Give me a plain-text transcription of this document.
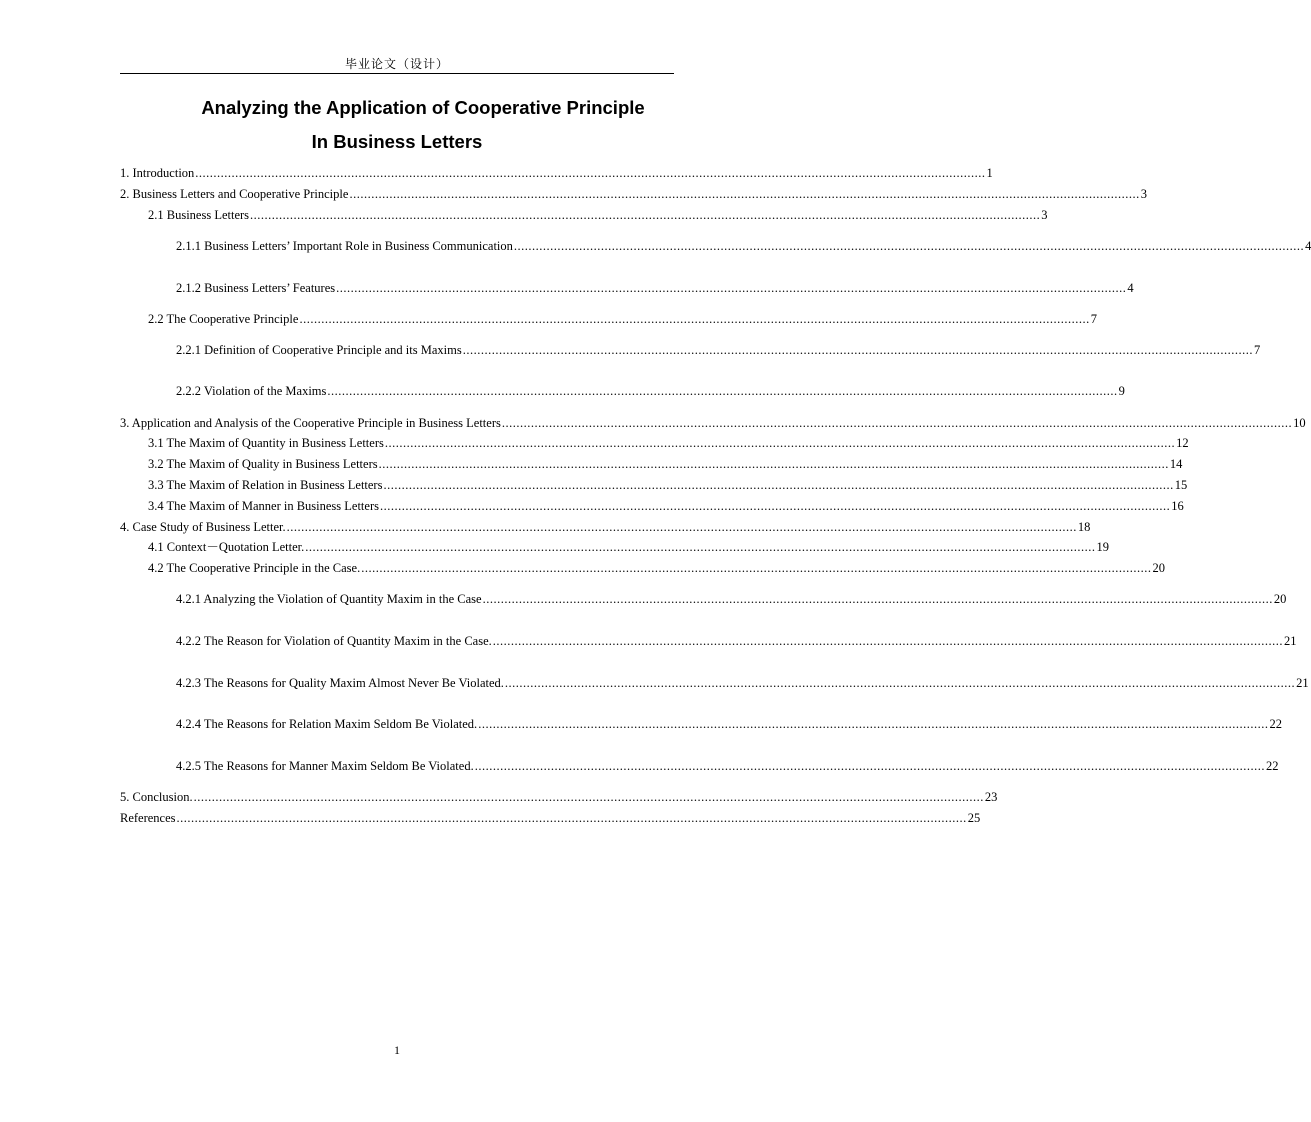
毕业论文（设计）
Analyzing the Application of Cooperative Principle
In Business Letters
1. Introduction .....	1
2. Business Letters and Cooperative Principle .....	3
2.1 Business Letters .....	3
2.1.1 Business Letters’ Important Role in Business Communication .....	4
2.1.2 Business Letters’ Features .....	4
2.2 The Cooperative Principle .....	7
2.2.1 Definition of Cooperative Principle and its Maxims .....	7
2.2.2 Violation of the Maxims .....	9
3. Application and Analysis of the Cooperative Principle in Business Letters .....	10
3.1 The Maxim of Quantity in Business Letters .....	12
3.2 The Maxim of Quality in Business Letters .....	14
3.3 The Maxim of Relation in Business Letters .....	15
3.4 The Maxim of Manner in Business Letters .....	16
4. Case Study of Business Letter. .....	18
4.1 Context－Quotation Letter. .....	19
4.2 The Cooperative Principle in the Case. .....	20
4.2.1 Analyzing the Violation of Quantity Maxim in the Case .....	20
4.2.2 The Reason for Violation of Quantity Maxim in the Case. .....	21
4.2.3 The Reasons for Quality Maxim Almost Never Be Violated. .....	21
4.2.4 The Reasons for Relation Maxim Seldom Be Violated. .....	22
4.2.5 The Reasons for Manner Maxim Seldom Be Violated. .....	22
5. Conclusion. .....	23
References .....	25
1
